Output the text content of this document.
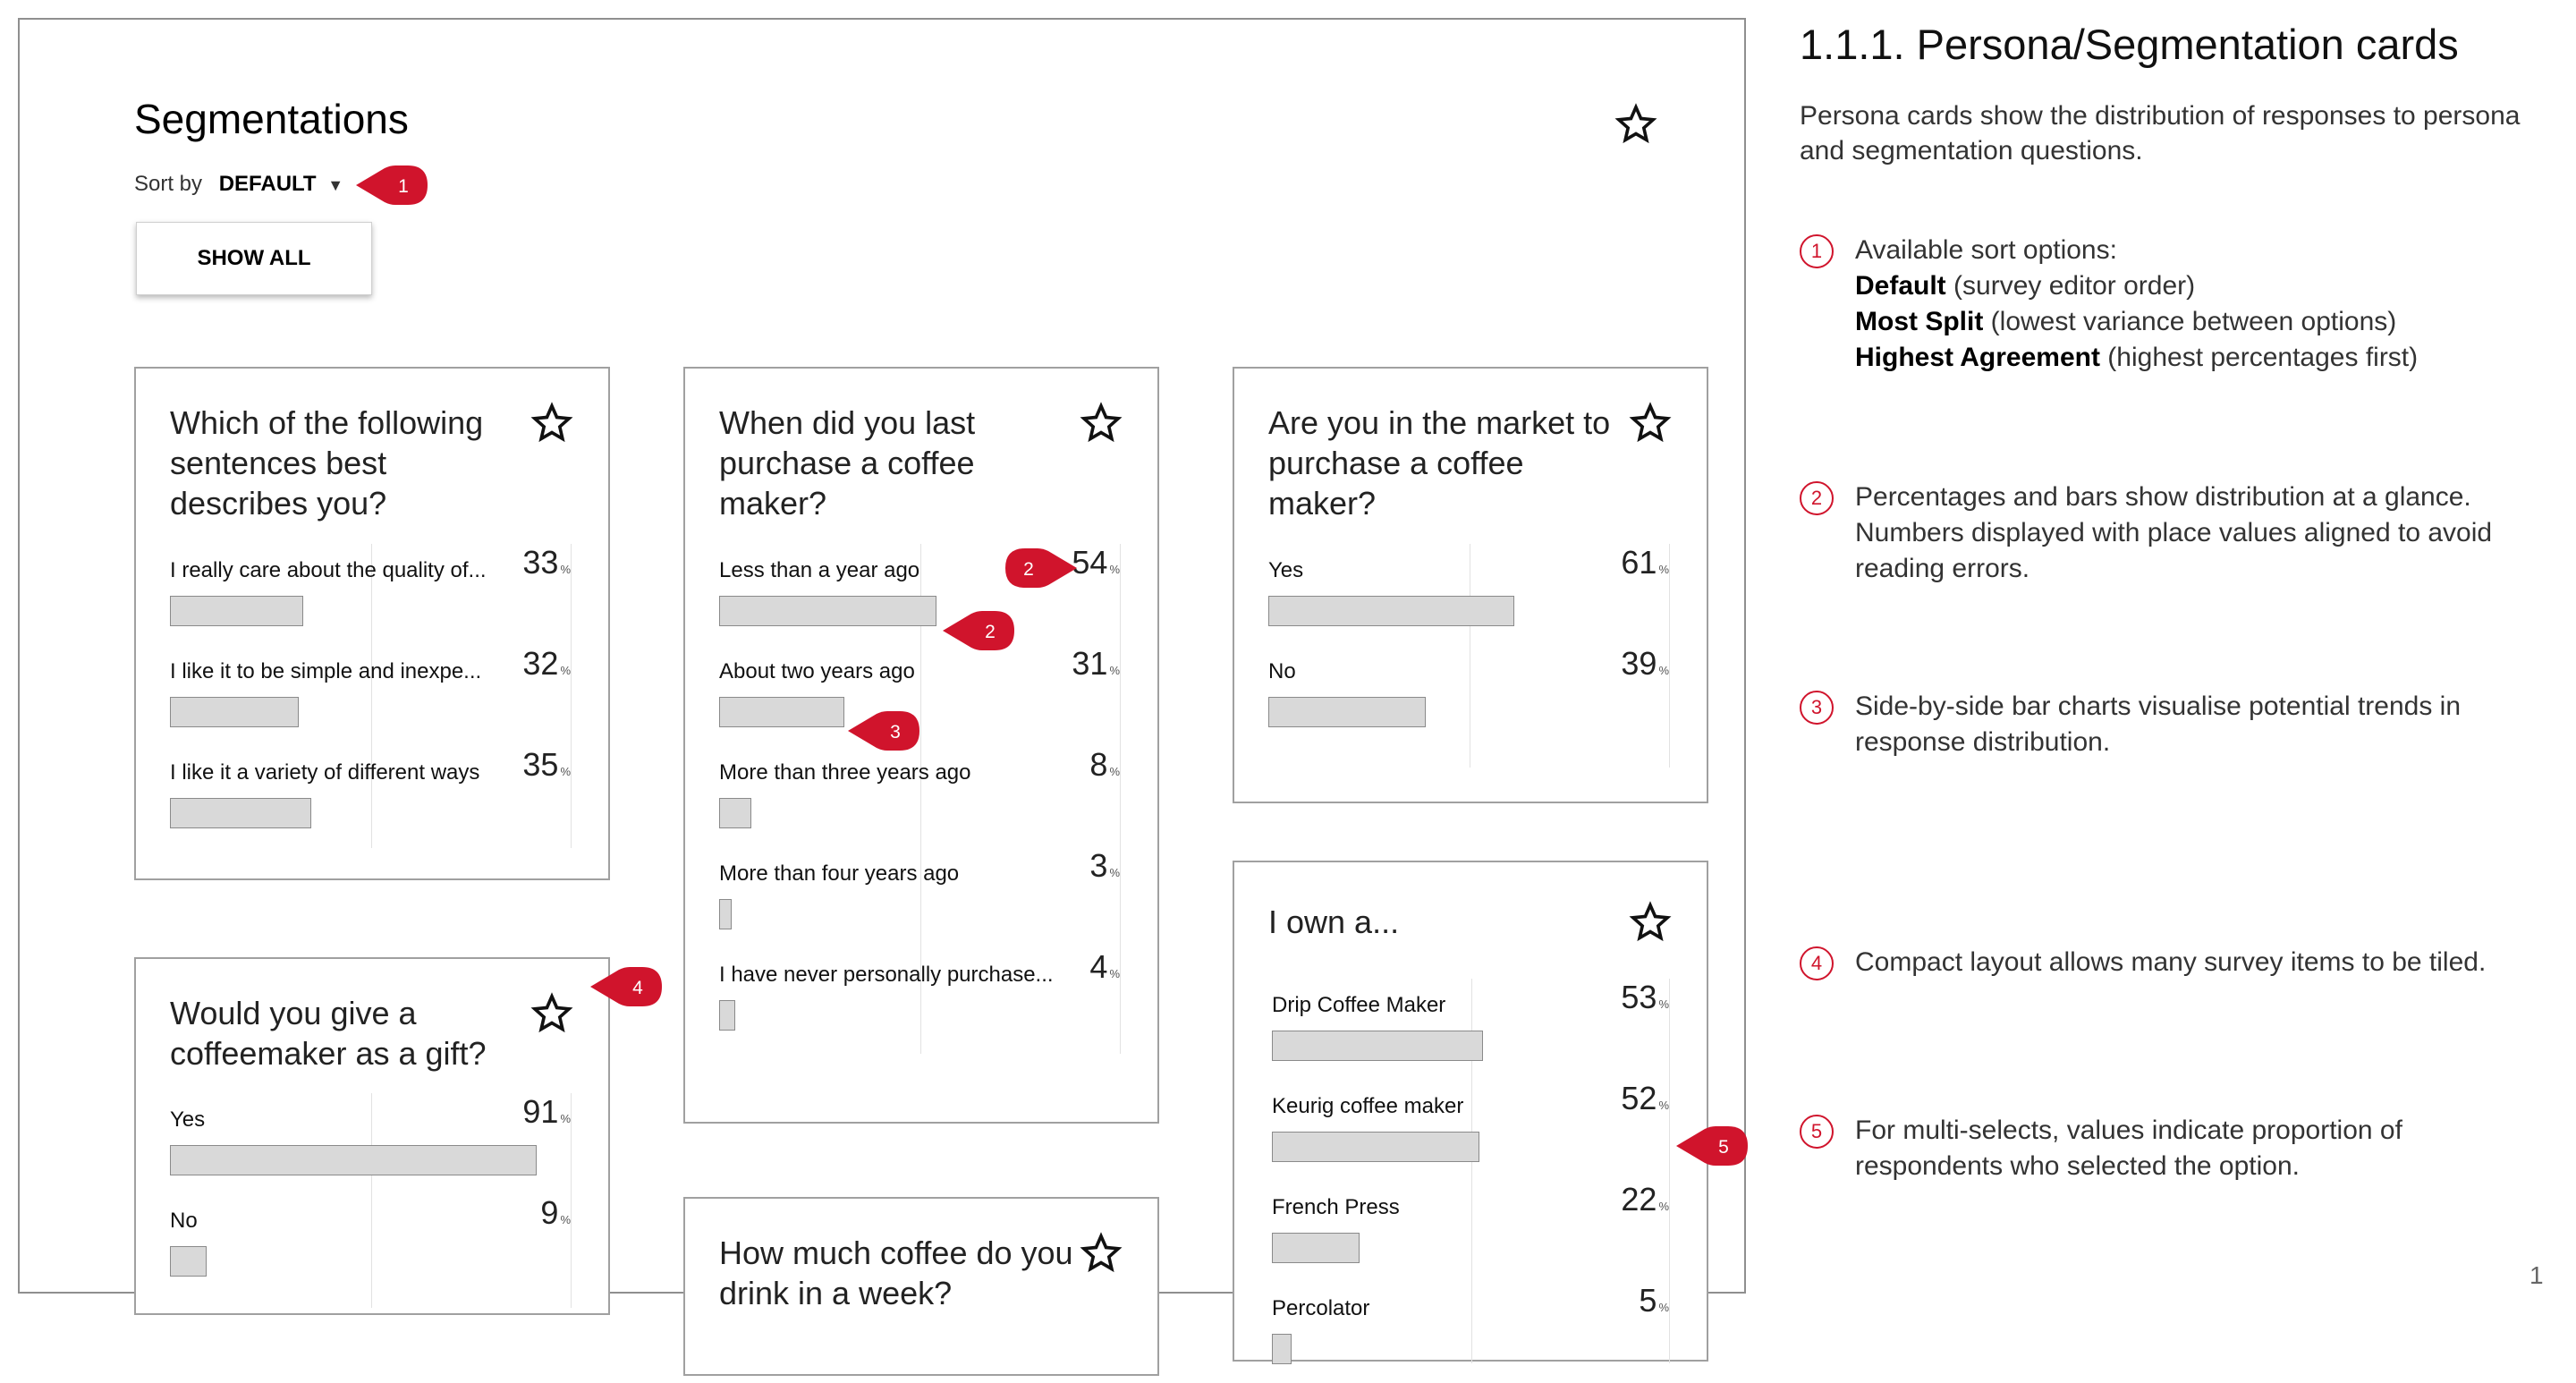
Segmentations
Sort by DEFAULT ▼
SHOW ALL
Which of the following sentences best describes you?
I really care about the quality of... 33 %
I like it to be simple and inexpe...	32 %
I like it a variety of different ways	35 %
When did you last purchase a coffee maker?
Less than a year ago	54 %
About two years ago	31 %
More than three years ago	8 %
More than four years ago	3 %
I have never personally purchase... 4 %
Are you in the market to purchase a coffee maker?
Yes	61 %
No	39 %
Would you give a coffeemaker as a gift?
Yes	91 %
No	9 %
How much coffee do you drink in a week?
I own a...
Drip Coffee Maker	53 %
Keurig coffee maker	52 %
French Press	22 %
Percolator	5 %
1
2
2
3
4
5
1.1.1. Persona/Segmentation cards
Persona cards show the distribution of responses to persona and segmentation questions.
1	Available sort options:
Default (survey editor order)
Most Split (lowest variance between options)
Highest Agreement (highest percentages first)
2	Percentages and bars show distribution at a glance. Numbers displayed with place values aligned to avoid reading errors.
3	Side-by-side bar charts visualise potential trends in response distribution.
4	Compact layout allows many survey items to be tiled.
5	For multi-selects, values indicate proportion of respondents who selected the option.
1
